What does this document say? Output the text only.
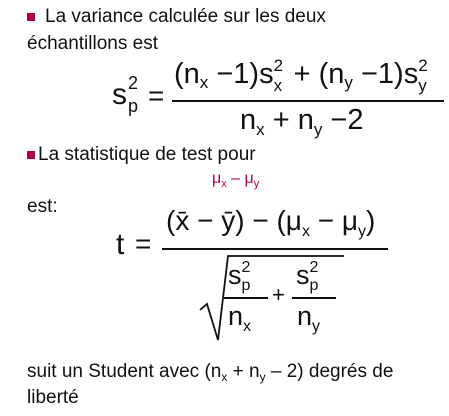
La variance calculée sur les deux
échantillons est
s 2
p =
(nx −1)s 2
x + (ny −1)s 2
y
$n_x + n_y -2$
La statistique de test pour
$\mu_x - \mu_y$
est:
t =
(x̄ − ȳ) − $(\mu_x - \mu_y)$
s 2
p
$n_x$
+
s 2
p
$n_y$
suit un Student avec $(n_x + n_y - 2)$ degrés de
liberté
